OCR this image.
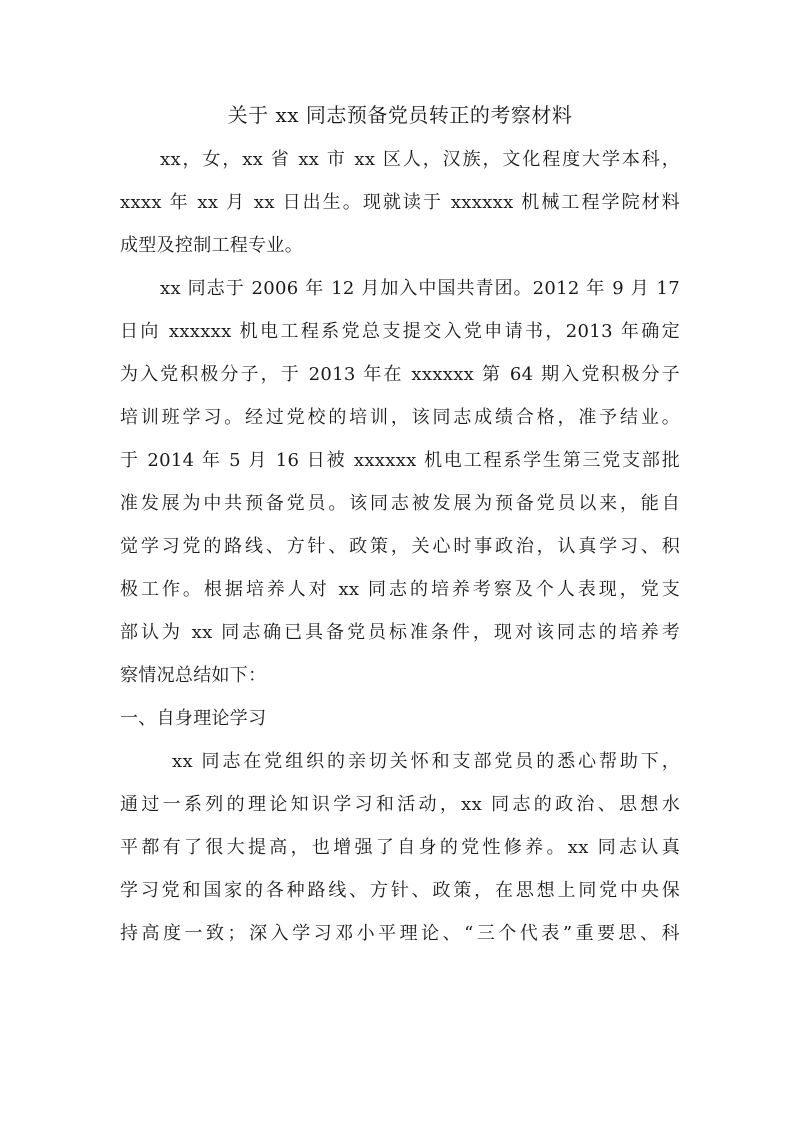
关于 xx 同志预备党员转正的考察材料
xx，女，xx 省 xx 市 xx 区人，汉族，文化程度大学本科，
xxxx 年 xx 月 xx 日出生。现就读于 xxxxxx 机械工程学院材料
成型及控制工程专业。
xx 同志于 2006 年 12 月加入中国共青团。2012 年 9 月 17
日向 xxxxxx 机电工程系党总支提交入党申请书，2013 年确定
为入党积极分子，于 2013 年在 xxxxxx 第 64 期入党积极分子
培训班学习。经过党校的培训，该同志成绩合格，准予结业。
于 2014 年 5 月 16 日被 xxxxxx 机电工程系学生第三党支部批
准发展为中共预备党员。该同志被发展为预备党员以来，能自
觉学习党的路线、方针、政策，关心时事政治，认真学习、积
极工作。根据培养人对 xx 同志的培养考察及个人表现，党支
部认为 xx 同志确已具备党员标准条件，现对该同志的培养考
察情况总结如下：
一、自身理论学习
xx 同志在党组织的亲切关怀和支部党员的悉心帮助下，
通过一系列的理论知识学习和活动，xx 同志的政治、思想水
平都有了很大提高，也增强了自身的党性修养。xx 同志认真
学习党和国家的各种路线、方针、政策，在思想上同党中央保
持高度一致；深入学习邓小平理论、“三个代表”重要思、科
